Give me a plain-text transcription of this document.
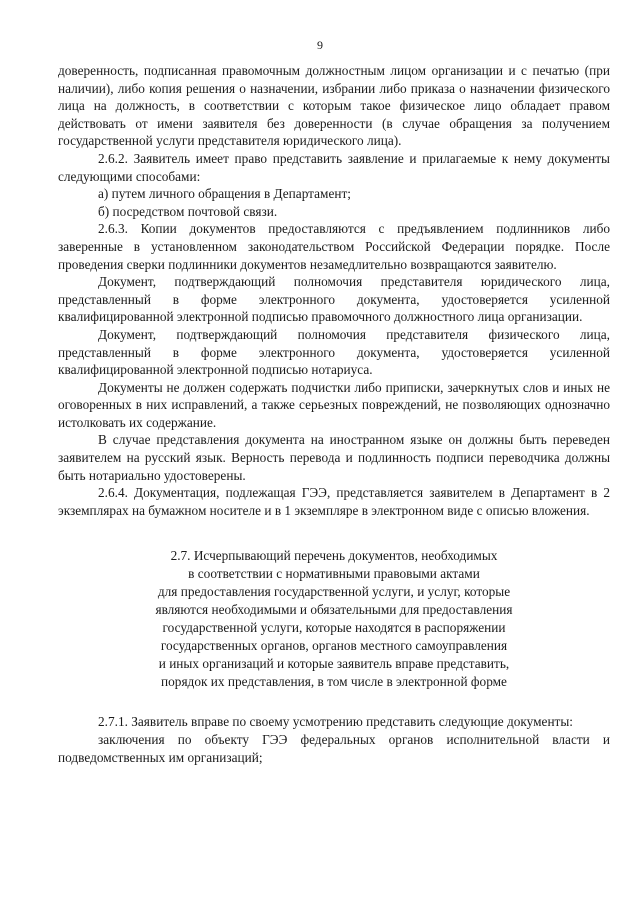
9

доверенность, подписанная правомочным должностным лицом организации и с печатью (при наличии), либо копия решения о назначении, избрании либо приказа о назначении физического лица на должность, в соответствии с которым такое физическое лицо обладает правом действовать от имени заявителя без доверенности (в случае обращения за получением государственной услуги представителя юридического лица).

2.6.2. Заявитель имеет право представить заявление и прилагаемые к нему документы следующими способами:

а) путем личного обращения в Департамент;

б) посредством почтовой связи.

2.6.3. Копии документов предоставляются с предъявлением подлинников либо заверенные в установленном законодательством Российской Федерации порядке. После проведения сверки подлинники документов незамедлительно возвращаются заявителю.

Документ, подтверждающий полномочия представителя юридического лица, представленный в форме электронного документа, удостоверяется усиленной квалифицированной электронной подписью правомочного должностного лица организации.

Документ, подтверждающий полномочия представителя физического лица, представленный в форме электронного документа, удостоверяется усиленной квалифицированной электронной подписью нотариуса.

Документы не должен содержать подчистки либо приписки, зачеркнутых слов и иных не оговоренных в них исправлений, а также серьезных повреждений, не позволяющих однозначно истолковать их содержание.

В случае представления документа на иностранном языке он должны быть переведен заявителем на русский язык. Верность перевода и подлинность подписи переводчика должны быть нотариально удостоверены.

2.6.4. Документация, подлежащая ГЭЭ, представляется заявителем в Департамент в 2 экземплярах на бумажном носителе и в 1 экземпляре в электронном виде с описью вложения.

2.7. Исчерпывающий перечень документов, необходимых
в соответствии с нормативными правовыми актами
для предоставления государственной услуги, и услуг, которые
являются необходимыми и обязательными для предоставления
государственной услуги, которые находятся в распоряжении
государственных органов, органов местного самоуправления
и иных организаций и которые заявитель вправе представить,
порядок их представления, в том числе в электронной форме

2.7.1. Заявитель вправе по своему усмотрению представить следующие документы:

заключения по объекту ГЭЭ федеральных органов исполнительной власти и подведомственных им организаций;
